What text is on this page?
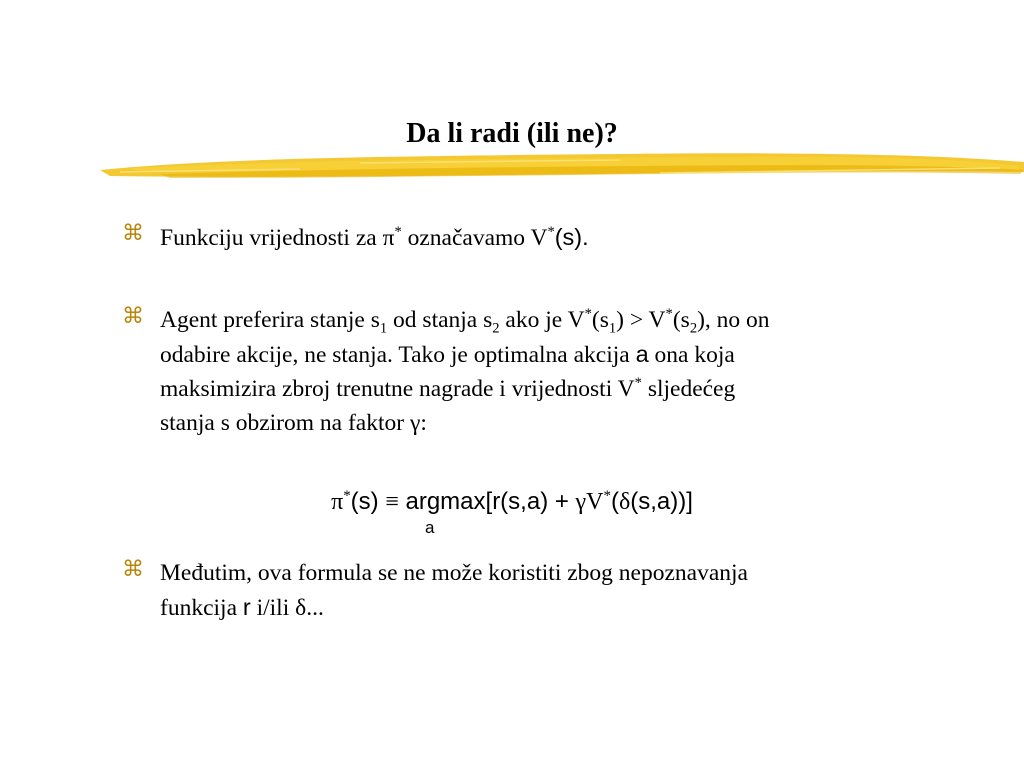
Da li radi (ili ne)?
⌘ Funkciju vrijednosti za π* označavamo V*(s).
⌘ Agent preferira stanje $s_1$ od stanja $s_2$ ako je $V^*(s_1) > V^*(s_2)$, no on
odabire akcije, ne stanja. Tako je optimalna akcija a ona koja
maksimizira zbroj trenutne nagrade i vrijednosti V* sljedećeg
stanja s obzirom na faktor γ:
π*(s) ≡ argmax[r(s,a) + γV*(δ(s,a))]
a
⌘ Međutim, ova formula se ne može koristiti zbog nepoznavanja
funkcija r i/ili δ...
